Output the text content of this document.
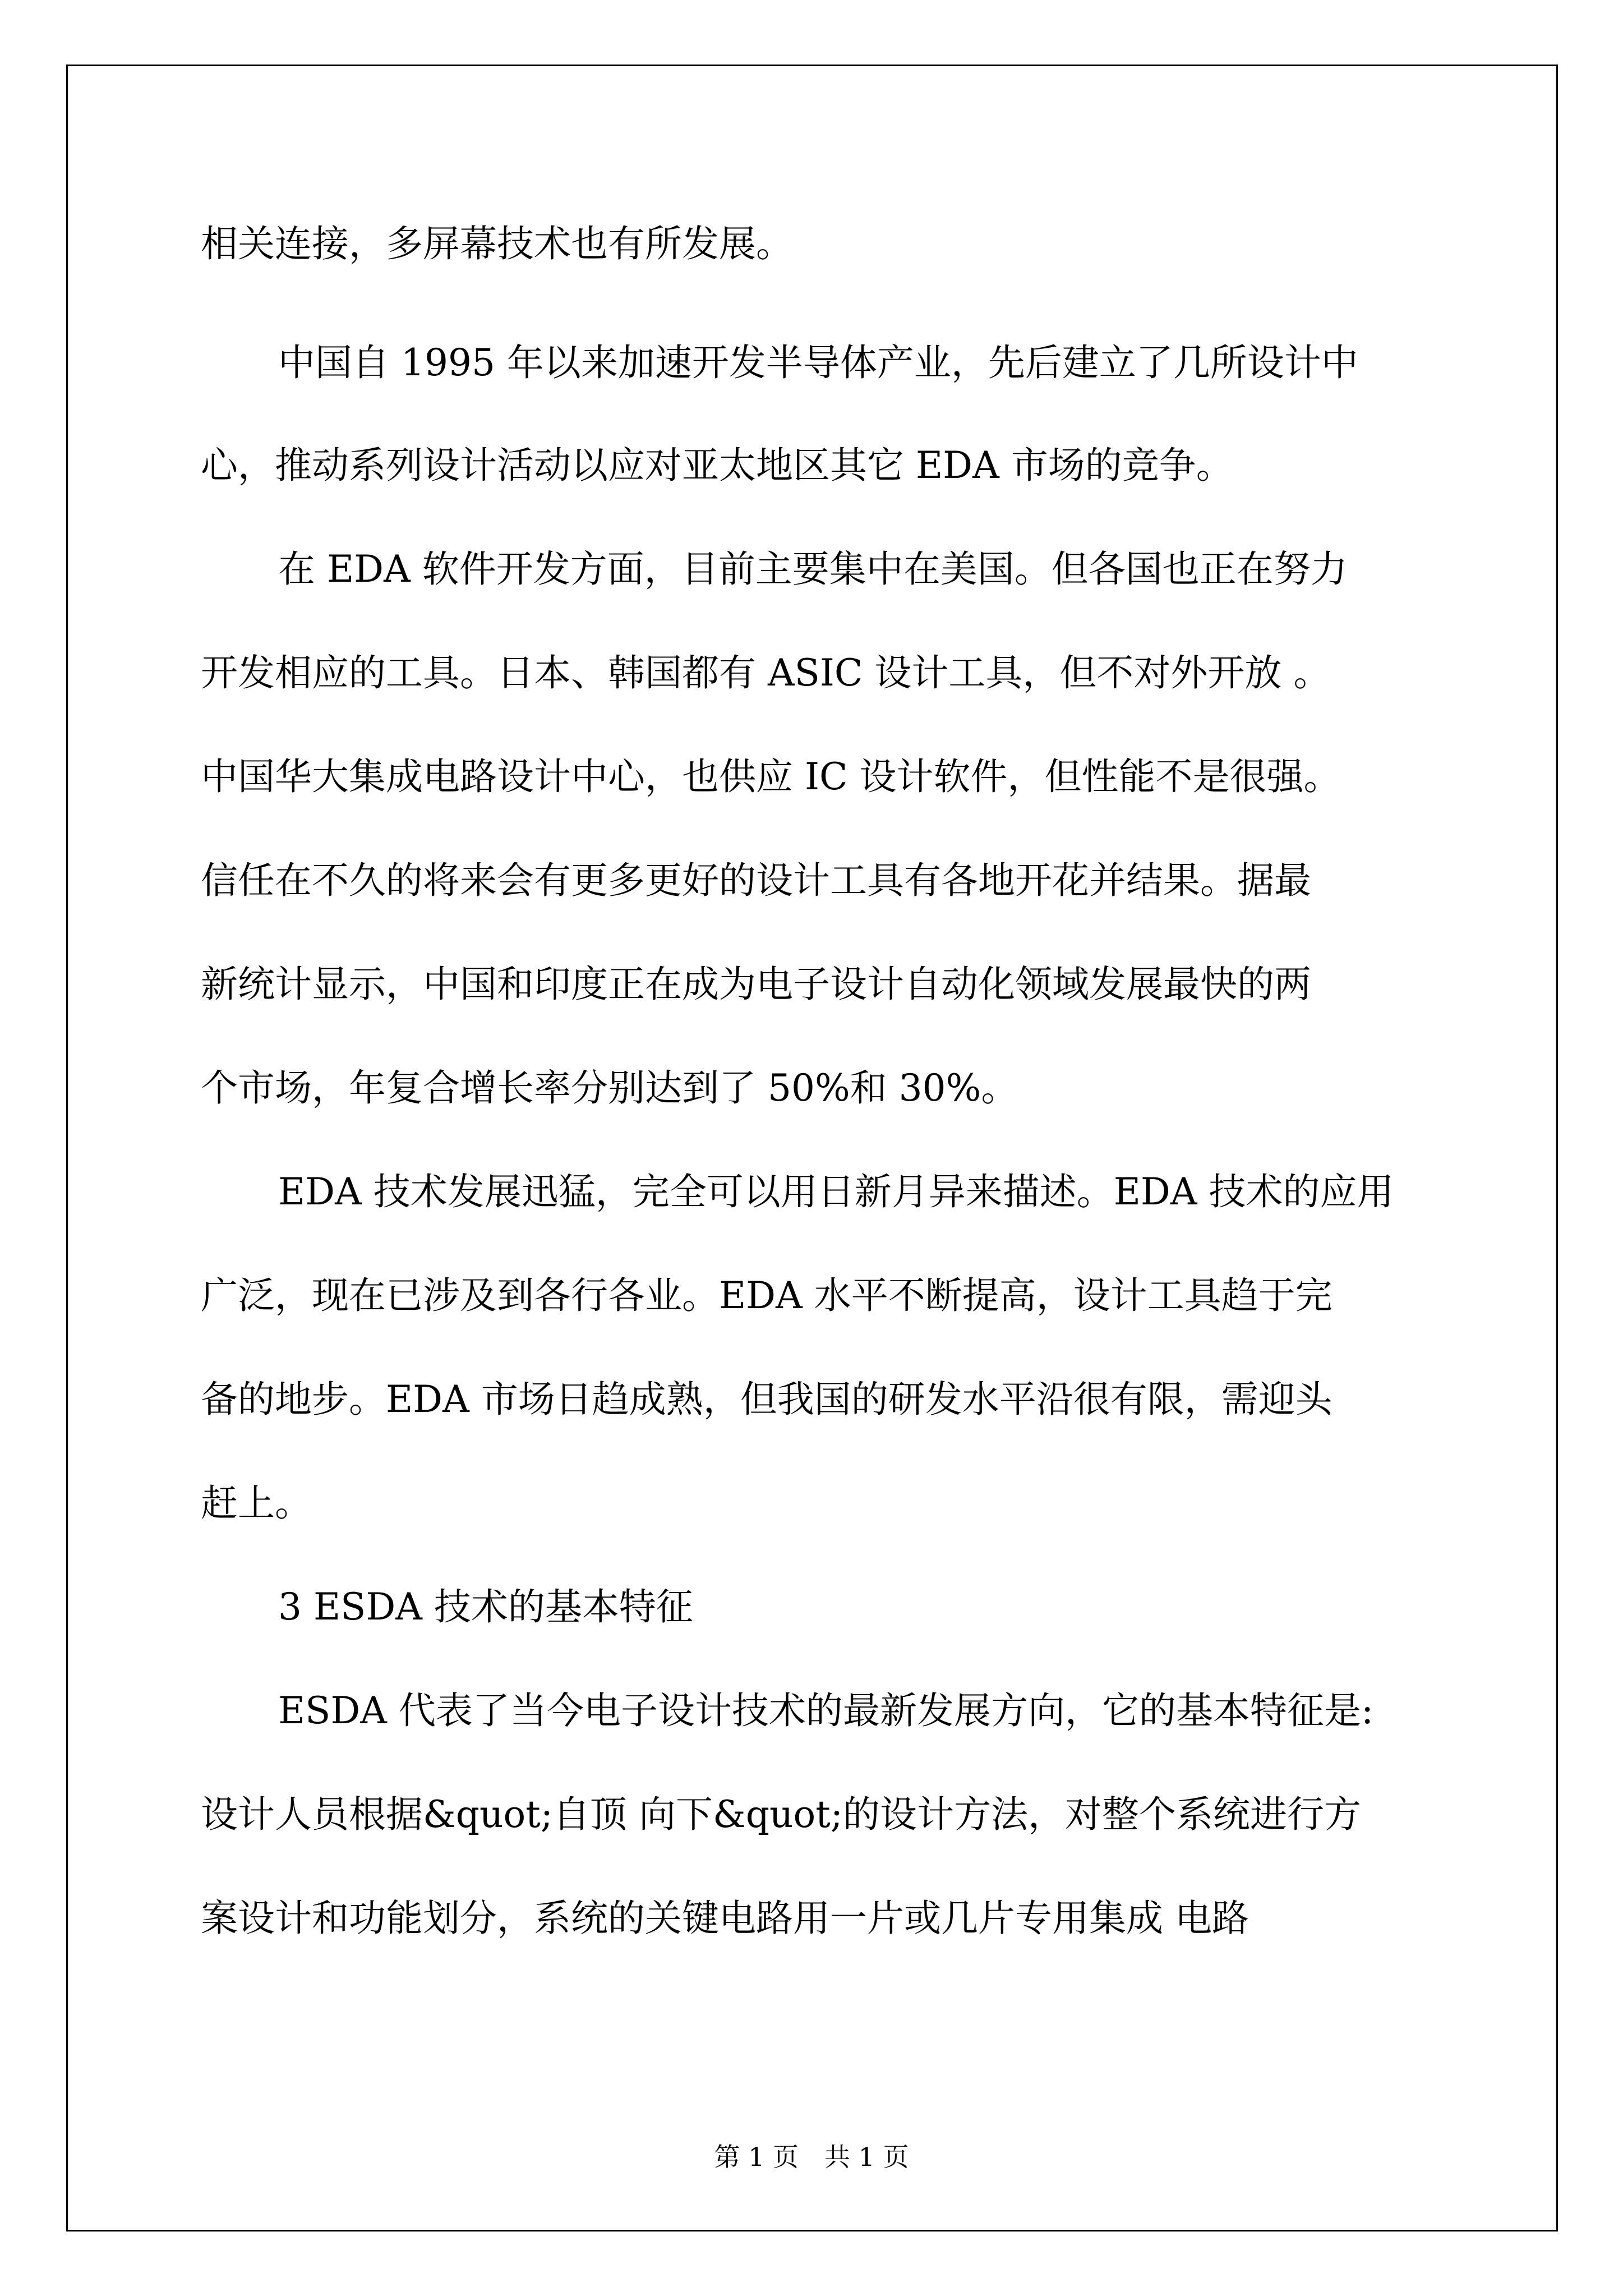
相关连接，多屏幕技术也有所发展。
中国自 1995 年以来加速开发半导体产业，先后建立了几所设计中
心，推动系列设计活动以应对亚太地区其它 EDA 市场的竞争。
在 EDA 软件开发方面，目前主要集中在美国。但各国也正在努力
开发相应的工具。日本、韩国都有 ASIC 设计工具，但不对外开放 。
中国华大集成电路设计中心，也供应 IC 设计软件，但性能不是很强。
信任在不久的将来会有更多更好的设计工具有各地开花并结果。据最
新统计显示，中国和印度正在成为电子设计自动化领域发展最快的两
个市场，年复合增长率分别达到了 50%和 30%。
EDA 技术发展迅猛，完全可以用日新月异来描述。EDA 技术的应用
广泛，现在已涉及到各行各业。EDA 水平不断提高，设计工具趋于完
备的地步。EDA 市场日趋成熟，但我国的研发水平沿很有限，需迎头
赶上。
3 ESDA 技术的基本特征
ESDA 代表了当今电子设计技术的最新发展方向，它的基本特征是:
设计人员根据&quot;自顶 向下&quot;的设计方法，对整个系统进行方
案设计和功能划分，系统的关键电路用一片或几片专用集成 电路
第 1 页　共 1 页
